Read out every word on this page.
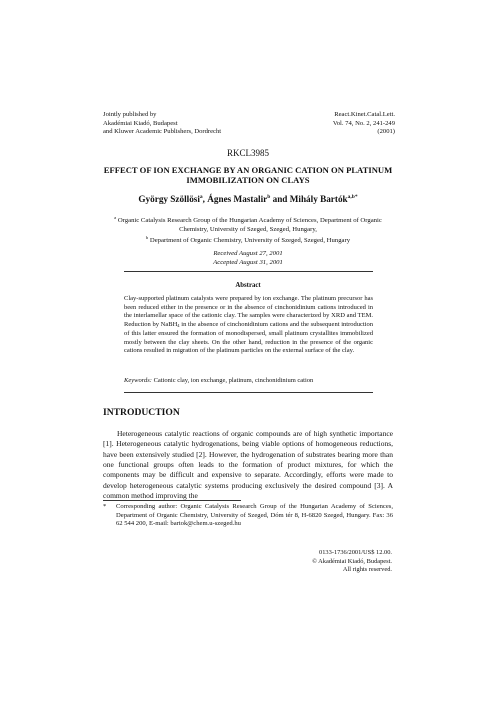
Jointly published by
Akadémiai Kiadó, Budapest
and Kluwer Academic Publishers, Dordrecht
React.Kinet.Catal.Lett.
Vol. 74, No. 2, 241-249
(2001)
RKCL3985
EFFECT OF ION EXCHANGE BY AN ORGANIC CATION ON PLATINUM IMMOBILIZATION ON CLAYS
György Szöllösi$^a$, Ágnes Mastalir$^b$ and Mihály Bartók$^{a,b*}$
$^a$ Organic Catalysis Research Group of the Hungarian Academy of Sciences, Department of Organic Chemistry, University of Szeged, Szeged, Hungary,
$^b$ Department of Organic Chemistry, University of Szeged, Szeged, Hungary
Received August 27, 2001
Accepted August 31, 2001
Abstract
Clay-supported platinum catalysts were prepared by ion exchange. The platinum precursor has been reduced either in the presence or in the absence of cinchonidinium cations introduced in the interlamellar space of the cationic clay. The samples were characterized by XRD and TEM. Reduction by NaBH$_4$ in the absence of cinchonidinium cations and the subsequent introduction of this latter ensured the formation of monodispersed, small platinum crystallites immobilized mostly between the clay sheets. On the other hand, reduction in the presence of the organic cations resulted in migration of the platinum particles on the external surface of the clay.
Keywords: Cationic clay, ion exchange, platinum, cinchonidinium cation
INTRODUCTION

Heterogeneous catalytic reactions of organic compounds are of high synthetic importance [1]. Heterogeneous catalytic hydrogenations, being viable options of homogeneous reductions, have been extensively studied [2]. However, the hydrogenation of substrates bearing more than one functional groups often leads to the formation of product mixtures, for which the components may be difficult and expensive to separate. Accordingly, efforts were made to develop heterogeneous catalytic systems producing exclusively the desired compound [3]. A common method improving the

* Corresponding author: Organic Catalysis Research Group of the Hungarian Academy of Sciences, Department of Organic Chemistry, University of Szeged, Dóm tér 8, H-6820 Szeged, Hungary. Fax: 36 62 544 200, E-mail: bartok@chem.u-szeged.hu
0133-1736/2001/US$ 12.00.
© Akadémiai Kiadó, Budapest.
All rights reserved.
